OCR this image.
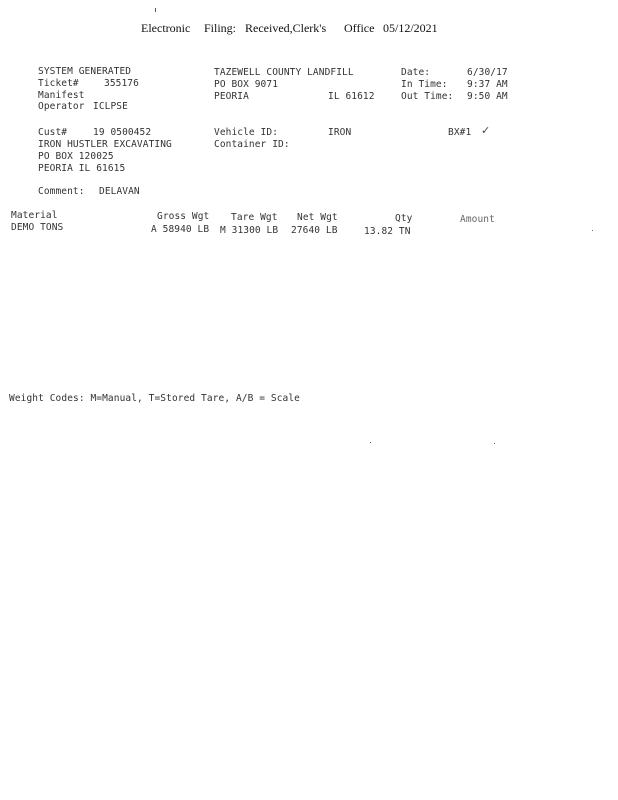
Electronic Filing: Received,Clerk's Office 05/12/2021
SYSTEM GENERATED
Ticket#	355176
Manifest
Operator ICLPSE
Cust#	19 0500452
IRON HUSTLER EXCAVATING
PO BOX 120025
PEORIA IL 61615
Comment: DELAVAN
TAZEWELL COUNTY LANDFILL
PO BOX 9071
PEORIA	IL 61612
Vehicle ID:	IRON
Container ID:
BX#1 ✓
Date:	6/30/17
In Time: 9:37 AM
Out Time: 9:50 AM
Material	Gross Wgt Tare Wgt Net Wgt	Qty	Amount
DEMO TONS	A 58940 LB M 31300 LB 27640 LB	13.82 TN
Weight Codes: M=Manual, T=Stored Tare, A/B = Scale
